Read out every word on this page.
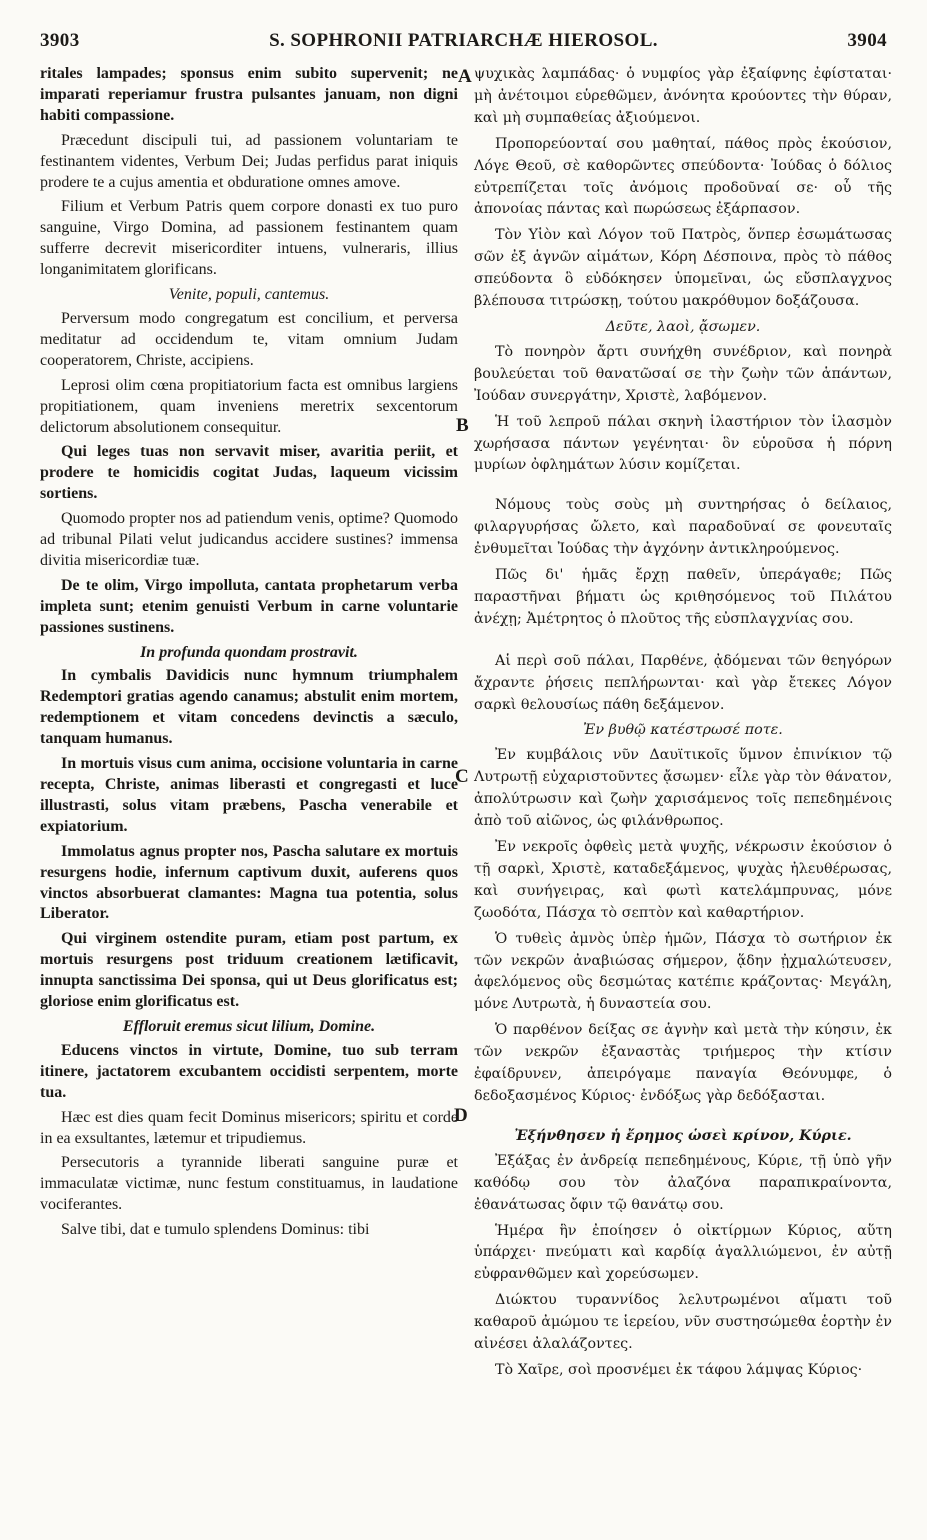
3903	S. SOPHRONII PATRIARCHÆ HIEROSOL.	3904
A
B
C
D

ritales lampades; sponsus enim subito supervenit; ne imparati reperiamur frustra pulsantes januam, non digni habiti compassione.

Præcedunt discipuli tui, ad passionem voluntariam te festinantem videntes, Verbum Dei; Judas perfidus parat iniquis prodere te a cujus amentia et obduratione omnes amove.

Filium et Verbum Patris quem corpore donasti ex tuo puro sanguine, Virgo Domina, ad passionem festinantem quam sufferre decrevit misericorditer intuens, vulneraris, illius longanimitatem glorificans.

Venite, populi, cantemus.

Perversum modo congregatum est concilium, et perversa meditatur ad occidendum te, vitam omnium Judam cooperatorem, Christe, accipiens.

Leprosi olim cœna propitiatorium facta est omnibus largiens propitiationem, quam inveniens meretrix sexcentorum delictorum absolutionem consequitur.

Qui leges tuas non servavit miser, avaritia periit, et prodere te homicidis cogitat Judas, laqueum vicissim sortiens.

Quomodo propter nos ad patiendum venis, optime? Quomodo ad tribunal Pilati velut judicandus accidere sustines? immensa divitia misericordiæ tuæ.

De te olim, Virgo impolluta, cantata prophetarum verba impleta sunt; etenim genuisti Verbum in carne voluntarie passiones sustinens.

In profunda quondam prostravit.

In cymbalis Davidicis nunc hymnum triumphalem Redemptori gratias agendo canamus; abstulit enim mortem, redemptionem et vitam concedens devinctis a sæculo, tanquam humanus.

In mortuis visus cum anima, occisione voluntaria in carne recepta, Christe, animas liberasti et congregasti et luce illustrasti, solus vitam præbens, Pascha venerabile et expiatorium.

Immolatus agnus propter nos, Pascha salutare ex mortuis resurgens hodie, infernum captivum duxit, auferens quos vinctos absorbuerat clamantes: Magna tua potentia, solus Liberator.

Qui virginem ostendite puram, etiam post partum, ex mortuis resurgens post triduum creationem lætificavit, innupta sanctissima Dei sponsa, qui ut Deus glorificatus est; gloriose enim glorificatus est.

Effloruit eremus sicut lilium, Domine.

Educens vinctos in virtute, Domine, tuo sub terram itinere, jactatorem excubantem occidisti serpentem, morte tua.

Hæc est dies quam fecit Dominus misericors; spiritu et corde in ea exsultantes, lætemur et tripudiemus.

Persecutoris a tyrannide liberati sanguine puræ et immaculatæ victimæ, nunc festum constituamus, in laudatione vociferantes.

Salve tibi, dat e tumulo splendens Dominus: tibi

ψυχικὰς λαμπάδας· ὁ νυμφίος γὰρ ἐξαίφνης ἐφίσταται· μὴ ἀνέτοιμοι εὑρεθῶμεν, ἀνόνητα κρούοντες τὴν θύραν, καὶ μὴ συμπαθείας ἀξιούμενοι.

Προπορεύονταί σου μαθηταί, πάθος πρὸς ἑκούσιον, Λόγε Θεοῦ, σὲ καθορῶντες σπεύδοντα· Ἰούδας ὁ δόλιος εὐτρεπίζεται τοῖς ἀνόμοις προδοῦναί σε· οὗ τῆς ἀπονοίας πάντας καὶ πωρώσεως ἐξάρπασον.

Τὸν Υἱὸν καὶ Λόγον τοῦ Πατρὸς, ὅνπερ ἐσωμάτωσας σῶν ἐξ ἁγνῶν αἱμάτων, Κόρη Δέσποινα, πρὸς τὸ πάθος σπεύδοντα ὃ εὐδόκησεν ὑπομεῖναι, ὡς εὔσπλαγχνος βλέπουσα τιτρώσκῃ, τούτου μακρόθυμον δοξάζουσα.

Δεῦτε, λαοὶ, ᾄσωμεν.

Τὸ πονηρὸν ἄρτι συνήχθη συνέδριον, καὶ πονηρὰ βουλεύεται τοῦ θανατῶσαί σε τὴν ζωὴν τῶν ἁπάντων, Ἰούδαν συνεργάτην, Χριστὲ, λαβόμενον.

Ἡ τοῦ λεπροῦ πάλαι σκηνὴ ἱλαστήριον τὸν ἱλασμὸν χωρήσασα πάντων γεγένηται· ὃν εὑροῦσα ἡ πόρνη μυρίων ὀφλημάτων λύσιν κομίζεται.

Νόμους τοὺς σοὺς μὴ συντηρήσας ὁ δείλαιος, φιλαργυρήσας ὤλετο, καὶ παραδοῦναί σε φονευταῖς ἐνθυμεῖται Ἰούδας τὴν ἀγχόνην ἀντικληρούμενος.

Πῶς δι' ἡμᾶς ἔρχῃ παθεῖν, ὑπεράγαθε; Πῶς παραστῆναι βήματι ὡς κριθησόμενος τοῦ Πιλάτου ἀνέχῃ; Ἀμέτρητος ὁ πλοῦτος τῆς εὐσπλαγχνίας σου.

Αἱ περὶ σοῦ πάλαι, Παρθένε, ᾀδόμεναι τῶν θεηγόρων ἄχραντε ῥήσεις πεπλήρωνται· καὶ γὰρ ἔτεκες Λόγον σαρκὶ θελουσίως πάθη δεξάμενον.

Ἐν βυθῷ κατέστρωσέ ποτε.

Ἐν κυμβάλοις νῦν Δαυϊτικοῖς ὕμνον ἐπινίκιον τῷ Λυτρωτῇ εὐχαριστοῦντες ᾄσωμεν· εἷλε γὰρ τὸν θάνατον, ἀπολύτρωσιν καὶ ζωὴν χαρισάμενος τοῖς πεπεδημένοις ἀπὸ τοῦ αἰῶνος, ὡς φιλάνθρωπος.

Ἐν νεκροῖς ὀφθεὶς μετὰ ψυχῆς, νέκρωσιν ἑκούσιον ὁ τῇ σαρκὶ, Χριστὲ, καταδεξάμενος, ψυχὰς ἠλευθέρωσας, καὶ συνήγειρας, καὶ φωτὶ κατελάμπρυνας, μόνε ζωοδότα, Πάσχα τὸ σεπτὸν καὶ καθαρτήριον.

Ὁ τυθεὶς ἀμνὸς ὑπὲρ ἡμῶν, Πάσχα τὸ σωτήριον ἐκ τῶν νεκρῶν ἀναβιώσας σήμερον, ᾅδην ᾐχμαλώτευσεν, ἀφελόμενος οὓς δεσμώτας κατέπιε κράζοντας· Μεγάλη, μόνε Λυτρωτὰ, ἡ δυναστεία σου.

Ὁ παρθένον δείξας σε ἁγνὴν καὶ μετὰ τὴν κύησιν, ἐκ τῶν νεκρῶν ἐξαναστὰς τριήμερος τὴν κτίσιν ἐφαίδρυνεν, ἀπειρόγαμε παναγία Θεόνυμφε, ὁ δεδοξασμένος Κύριος· ἐνδόξως γὰρ δεδόξασται.

Ἐξήνθησεν ἡ ἔρημος ὡσεὶ κρίνον, Κύριε.

Ἐξάξας ἐν ἀνδρείᾳ πεπεδημένους, Κύριε, τῇ ὑπὸ γῆν καθόδῳ σου τὸν ἀλαζόνα παραπικραίνοντα, ἐθανάτωσας ὄφιν τῷ θανάτῳ σου.

Ἡμέρα ἣν ἐποίησεν ὁ οἰκτίρμων Κύριος, αὕτη ὑπάρχει· πνεύματι καὶ καρδίᾳ ἀγαλλιώμενοι, ἐν αὐτῇ εὐφρανθῶμεν καὶ χορεύσωμεν.

Διώκτου τυραννίδος λελυτρωμένοι αἵματι τοῦ καθαροῦ ἀμώμου τε ἱερείου, νῦν συστησώμεθα ἑορτὴν ἐν αἰνέσει ἀλαλάζοντες.

Τὸ Χαῖρε, σοὶ προσνέμει ἐκ τάφου λάμψας Κύριος·
